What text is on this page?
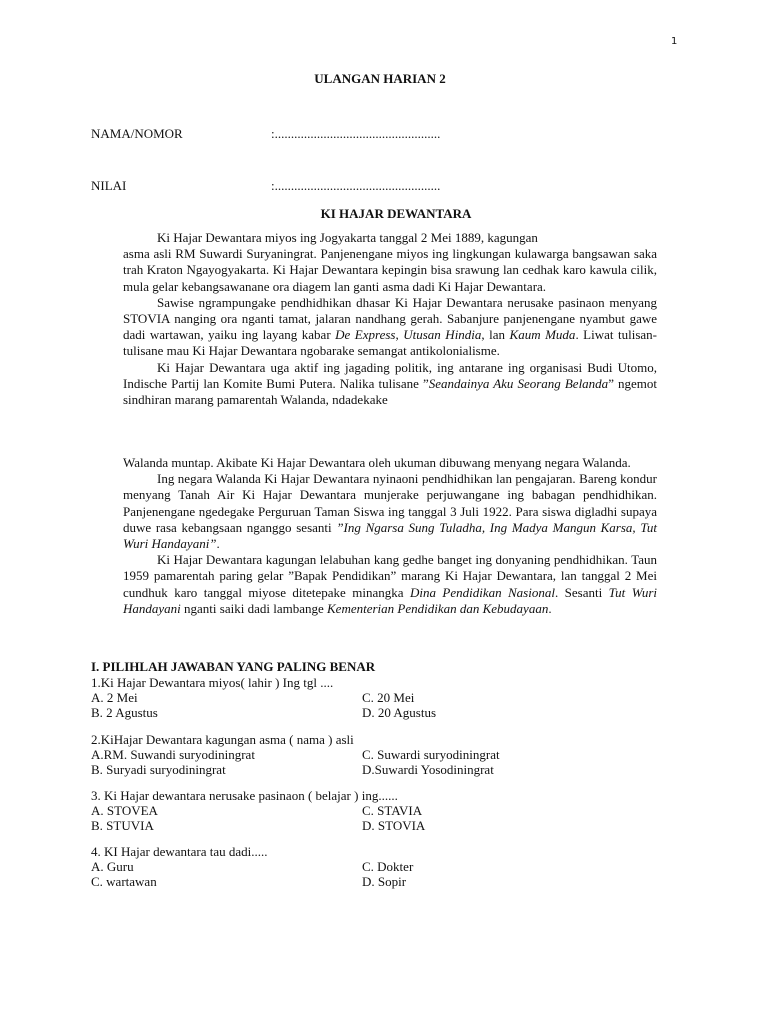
1
ULANGAN HARIAN 2
NAMA/NOMOR	:...................................................
NILAI	:...................................................
KI HAJAR DEWANTARA
Ki Hajar Dewantara miyos ing Jogyakarta tanggal 2 Mei 1889, kagungan
asma asli RM Suwardi Suryaningrat. Panjenengane miyos ing lingkungan kulawarga bangsawan saka trah Kraton Ngayogyakarta. Ki Hajar Dewantara kepingin bisa srawung lan cedhak karo kawula cilik, mula gelar kebangsawanane ora diagem lan ganti asma dadi Ki Hajar Dewantara.
Sawise ngrampungake pendhidhikan dhasar Ki Hajar Dewantara nerusake pasinaon menyang STOVIA nanging ora nganti tamat, jalaran nandhang gerah. Sabanjure panjenengane nyambut gawe dadi wartawan, yaiku ing layang kabar De Express, Utusan Hindia, lan Kaum Muda. Liwat tulisan-tulisane mau Ki Hajar Dewantara ngobarake semangat antikolonialisme.
Ki Hajar Dewantara uga aktif ing jagading politik, ing antarane ing organisasi Budi Utomo, Indische Partij lan Komite Bumi Putera. Nalika tulisane ”Seandainya Aku Seorang Belanda” ngemot sindhiran marang pamarentah Walanda, ndadekake
Walanda muntap. Akibate Ki Hajar Dewantara oleh ukuman dibuwang menyang negara Walanda.
Ing negara Walanda Ki Hajar Dewantara nyinaoni pendhidhikan lan pengajaran. Bareng kondur menyang Tanah Air Ki Hajar Dewantara munjerake perjuwangane ing babagan pendhidhikan. Panjenengane ngedegake Perguruan Taman Siswa ing tanggal 3 Juli 1922. Para siswa digladhi supaya duwe rasa kebangsaan nganggo sesanti ”Ing Ngarsa Sung Tuladha, Ing Madya Mangun Karsa, Tut Wuri Handayani”.
Ki Hajar Dewantara kagungan lelabuhan kang gedhe banget ing donyaning pendhidhikan. Taun 1959 pamarentah paring gelar ”Bapak Pendidikan” marang Ki Hajar Dewantara, lan tanggal 2 Mei cundhuk karo tanggal miyose ditetepake minangka Dina Pendidikan Nasional. Sesanti Tut Wuri Handayani nganti saiki dadi lambange Kementerian Pendidikan dan Kebudayaan.
I. PILIHLAH JAWABAN YANG PALING BENAR
1.Ki Hajar Dewantara miyos( lahir ) Ing tgl ....
A. 2 Mei	C. 20 Mei
B. 2 Agustus	D. 20 Agustus
2.KiHajar Dewantara kagungan asma ( nama ) asli
A.RM. Suwandi suryodiningrat	C. Suwardi suryodiningrat
B. Suryadi suryodiningrat	D.Suwardi Yosodiningrat
3. Ki Hajar dewantara nerusake pasinaon ( belajar ) ing......
A. STOVEA	C. STAVIA
B. STUVIA	D. STOVIA
4. KI Hajar dewantara tau dadi.....
A. Guru	C. Dokter
C. wartawan	D. Sopir
